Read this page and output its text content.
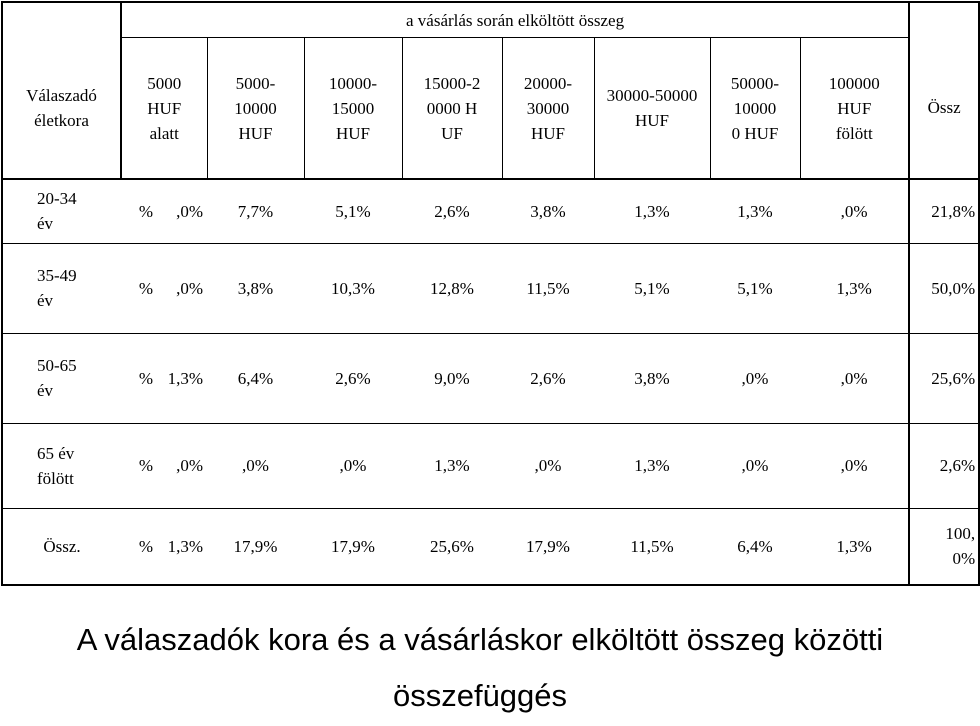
	a vásárlás során elköltött összeg								
Válaszadó életkora	5000 HUF alatt	5000-10000 HUF	10000-15000 HUF	15000-20000 HUF	20000-30000 HUF	30000-50000 HUF	50000-100000 HUF	100000 HUF fölött	Össz
20-34 év	% ,0%	7,7%	5,1%	2,6%	3,8%	1,3%	1,3%	,0%	21,8%
35-49 év	% ,0%	3,8%	10,3%	12,8%	11,5%	5,1%	5,1%	1,3%	50,0%
50-65 év	% 1,3%	6,4%	2,6%	9,0%	2,6%	3,8%	,0%	,0%	25,6%
65 év fölött	% ,0%	,0%	,0%	1,3%	,0%	1,3%	,0%	,0%	2,6%
Össz.	% 1,3%	17,9%	17,9%	25,6%	17,9%	11,5%	6,4%	1,3%	100,0%
A válaszadók kora és a vásárláskor elköltött összeg közötti összefüggés
